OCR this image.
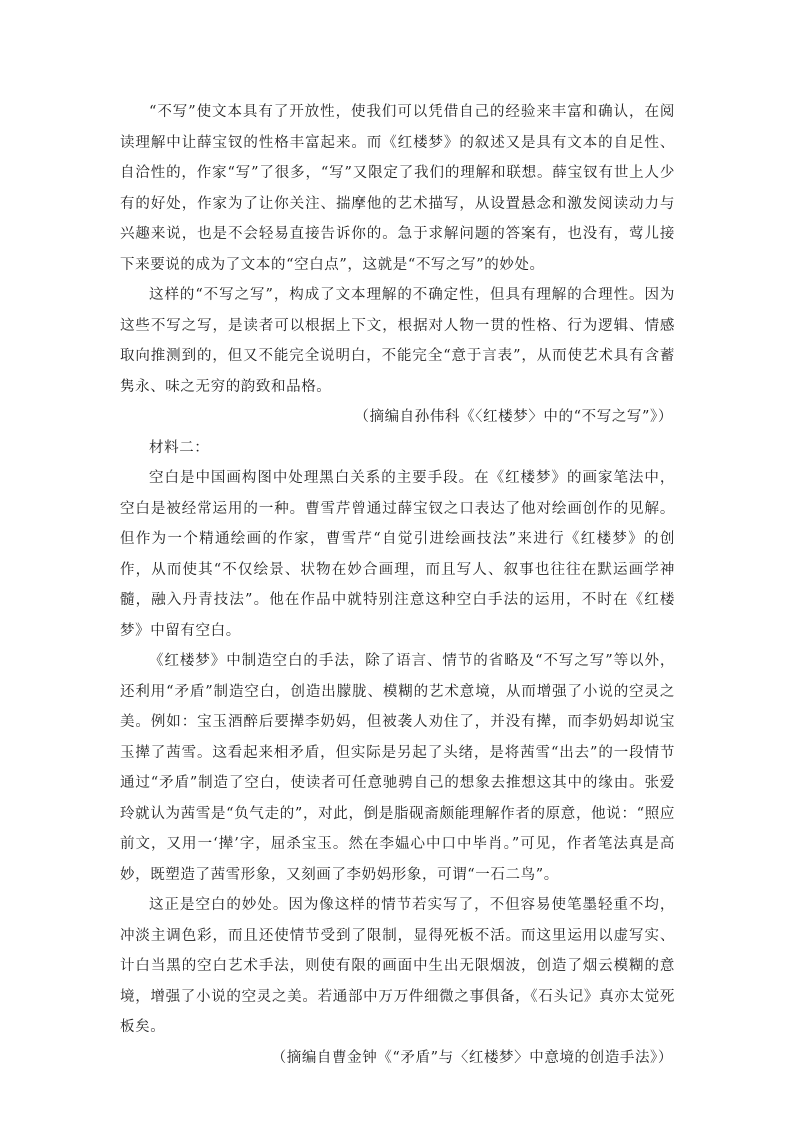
“不写”使文本具有了开放性，使我们可以凭借自己的经验来丰富和确认，在阅读理解中让薛宝钗的性格丰富起来。而《红楼梦》的叙述又是具有文本的自足性、自洽性的，作家“写”了很多，“写”又限定了我们的理解和联想。薛宝钗有世上人少有的好处，作家为了让你关注、揣摩他的艺术描写，从设置悬念和激发阅读动力与兴趣来说，也是不会轻易直接告诉你的。急于求解问题的答案有，也没有，莺儿接下来要说的成为了文本的“空白点”，这就是“不写之写”的妙处。

这样的“不写之写”，构成了文本理解的不确定性，但具有理解的合理性。因为这些不写之写，是读者可以根据上下文，根据对人物一贯的性格、行为逻辑、情感取向推测到的，但又不能完全说明白，不能完全“意于言表”，从而使艺术具有含蓄隽永、味之无穷的韵致和品格。

（摘编自孙伟科《〈红楼梦〉中的“不写之写”》）

材料二：

空白是中国画构图中处理黑白关系的主要手段。在《红楼梦》的画家笔法中，空白是被经常运用的一种。曹雪芹曾通过薛宝钗之口表达了他对绘画创作的见解。但作为一个精通绘画的作家，曹雪芹“自觉引进绘画技法”来进行《红楼梦》的创作，从而使其“不仅绘景、状物在妙合画理，而且写人、叙事也往往在默运画学神髓，融入丹青技法”。他在作品中就特别注意这种空白手法的运用，不时在《红楼梦》中留有空白。

《红楼梦》中制造空白的手法，除了语言、情节的省略及“不写之写”等以外，还利用“矛盾”制造空白，创造出朦胧、模糊的艺术意境，从而增强了小说的空灵之美。例如：宝玉酒醉后要撵李奶妈，但被袭人劝住了，并没有撵，而李奶妈却说宝玉撵了茜雪。这看起来相矛盾，但实际是另起了头绪，是将茜雪“出去”的一段情节通过“矛盾”制造了空白，使读者可任意驰骋自己的想象去推想这其中的缘由。张爱玲就认为茜雪是“负气走的”，对此，倒是脂砚斋颇能理解作者的原意，他说：“照应前文，又用一‘撵’字，屈杀宝玉。然在李媪心中口中毕肖。”可见，作者笔法真是高妙，既塑造了茜雪形象，又刻画了李奶妈形象，可谓“一石二鸟”。

这正是空白的妙处。因为像这样的情节若实写了，不但容易使笔墨轻重不均，冲淡主调色彩，而且还使情节受到了限制，显得死板不活。而这里运用以虚写实、计白当黑的空白艺术手法，则使有限的画面中生出无限烟波，创造了烟云模糊的意境，增强了小说的空灵之美。若通部中万万件细微之事俱备，《石头记》真亦太觉死板矣。

（摘编自曹金钟《“矛盾”与〈红楼梦〉中意境的创造手法》）
